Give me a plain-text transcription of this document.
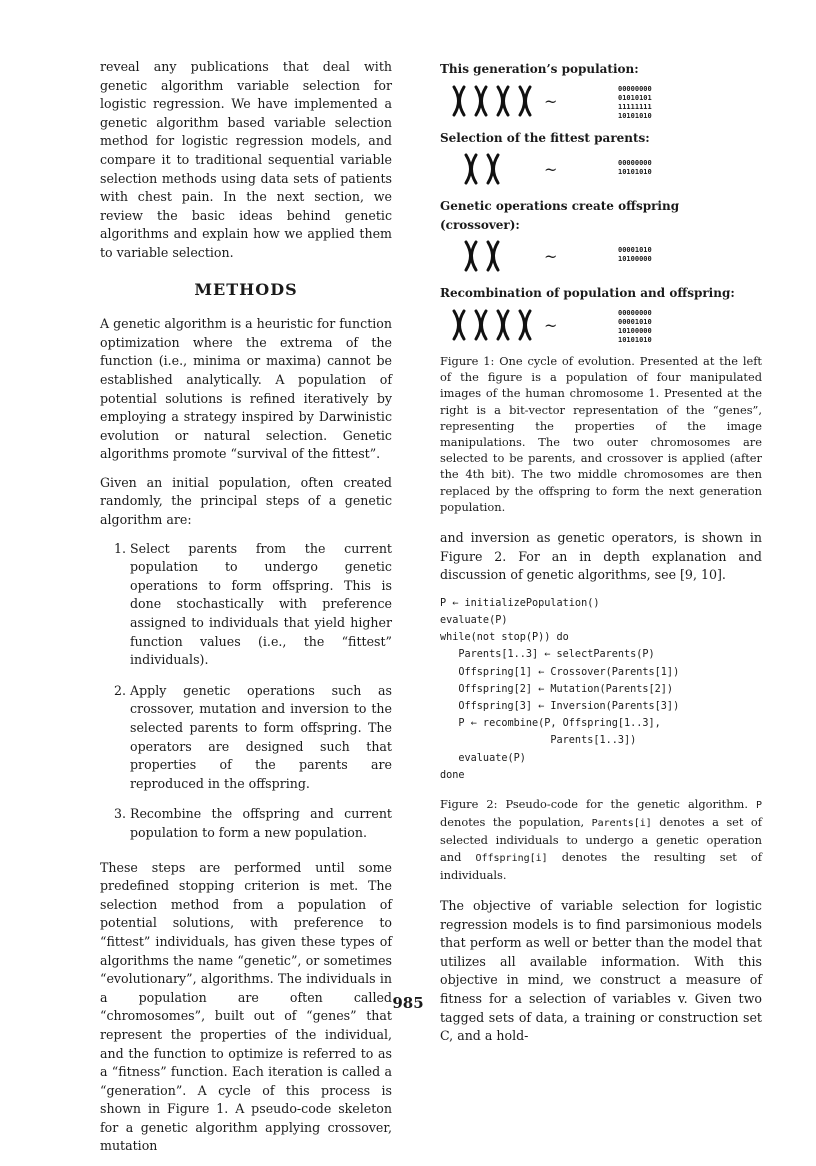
reveal any publications that deal with genetic algorithm variable selection for logistic regression. We have implemented a genetic algorithm based variable selection method for logistic regression models, and compare it to traditional sequential variable selection methods using data sets of patients with chest pain. In the next section, we review the basic ideas behind genetic algorithms and explain how we applied them to variable selection.

METHODS

A genetic algorithm is a heuristic for function optimization where the extrema of the function (i.e., minima or maxima) cannot be established analytically. A population of potential solutions is refined iteratively by employing a strategy inspired by Darwinistic evolution or natural selection. Genetic algorithms promote “survival of the fittest”.

Given an initial population, often created randomly, the principal steps of a genetic algorithm are:

1. Select parents from the current population to undergo genetic operations to form offspring. This is done stochastically with preference assigned to individuals that yield higher function values (i.e., the “fittest” individuals).
2. Apply genetic operations such as crossover, mutation and inversion to the selected parents to form offspring. The operators are designed such that properties of the parents are reproduced in the offspring.
3. Recombine the offspring and current population to form a new population.

These steps are performed until some predefined stopping criterion is met. The selection method from a population of potential solutions, with preference to “fittest” individuals, has given these types of algorithms the name “genetic”, or sometimes “evolutionary”, algorithms. The individuals in a population are often called “chromosomes”, built out of “genes” that represent the properties of the individual, and the function to optimize is referred to as a “fitness” function. Each iteration is called a “generation”. A cycle of this process is shown in Figure 1. A pseudo-code skeleton for a genetic algorithm applying crossover, mutation

This generation’s population:
~
00000000
01010101
11111111
10101010
Selection of the fittest parents:
~	00000000
10101010
Genetic operations create offspring (crossover):
~	00001010
10100000
Recombination of population and offspring:
~
00000000
00001010
10100000
10101010
Figure 1: One cycle of evolution. Presented at the left of the figure is a population of four manipulated images of the human chromosome 1. Presented at the right is a bit-vector representation of the “genes”, representing the properties of the image manipulations. The two outer chromosomes are selected to be parents, and crossover is applied (after the 4th bit). The two middle chromosomes are then replaced by the offspring to form the next generation population.

and inversion as genetic operators, is shown in Figure 2. For an in depth explanation and discussion of genetic algorithms, see [9, 10].

P ← initializePopulation()
evaluate(P)
while(not stop(P)) do
Parents[1..3] ← selectParents(P)
Offspring[1] ← Crossover(Parents[1])
Offspring[2] ← Mutation(Parents[2])
Offspring[3] ← Inversion(Parents[3])
P ← recombine(P, Offspring[1..3],
Parents[1..3])
evaluate(P)
done
Figure 2: Pseudo-code for the genetic algorithm. P denotes the population, Parents[i] denotes a set of selected individuals to undergo a genetic operation and Offspring[i] denotes the resulting set of individuals.

The objective of variable selection for logistic regression models is to find parsimonious models that perform as well or better than the model that utilizes all available information. With this objective in mind, we construct a measure of fitness for a selection of variables v. Given two tagged sets of data, a training or construction set C, and a hold-

985
